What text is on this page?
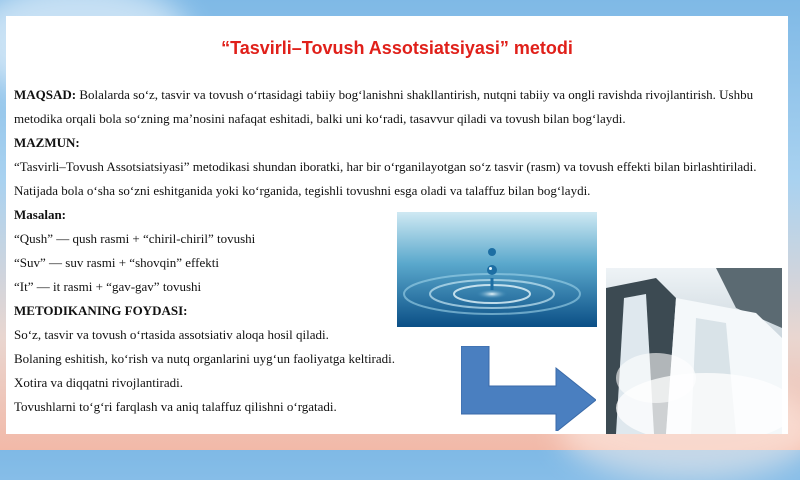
“Tasvirli–Tovush Assotsiatsiyasi” metodi
MAQSAD: Bolalarda so‘z, tasvir va tovush o‘rtasidagi tabiiy bog‘lanishni shakllantirish, nutqni tabiiy va ongli ravishda rivojlantirish. Ushbu
metodika orqali bola so‘zning ma’nosini nafaqat eshitadi, balki uni ko‘radi, tasavvur qiladi va tovush bilan bog‘laydi.
MAZMUN:
“Tasvirli–Tovush Assotsiatsiyasi” metodikasi shundan iboratki, har bir o‘rganilayotgan so‘z tasvir (rasm) va tovush effekti bilan birlashtiriladi.
Natijada bola o‘sha so‘zni eshitganida yoki ko‘rganida, tegishli tovushni esga oladi va talaffuz bilan bog‘laydi.
Masalan:
“Qush” — qush rasmi + “chiril-chiril” tovushi
“Suv” — suv rasmi + “shovqin” effekti
“It” — it rasmi + “gav-gav” tovushi
METODIKANING FOYDASI:
So‘z, tasvir va tovush o‘rtasida assotsiativ aloqa hosil qiladi.
Bolaning eshitish, ko‘rish va nutq organlarini uyg‘un faoliyatga keltiradi.
Xotira va diqqatni rivojlantiradi.
Tovushlarni to‘g‘ri farqlash va aniq talaffuz qilishni o‘rgatadi.
